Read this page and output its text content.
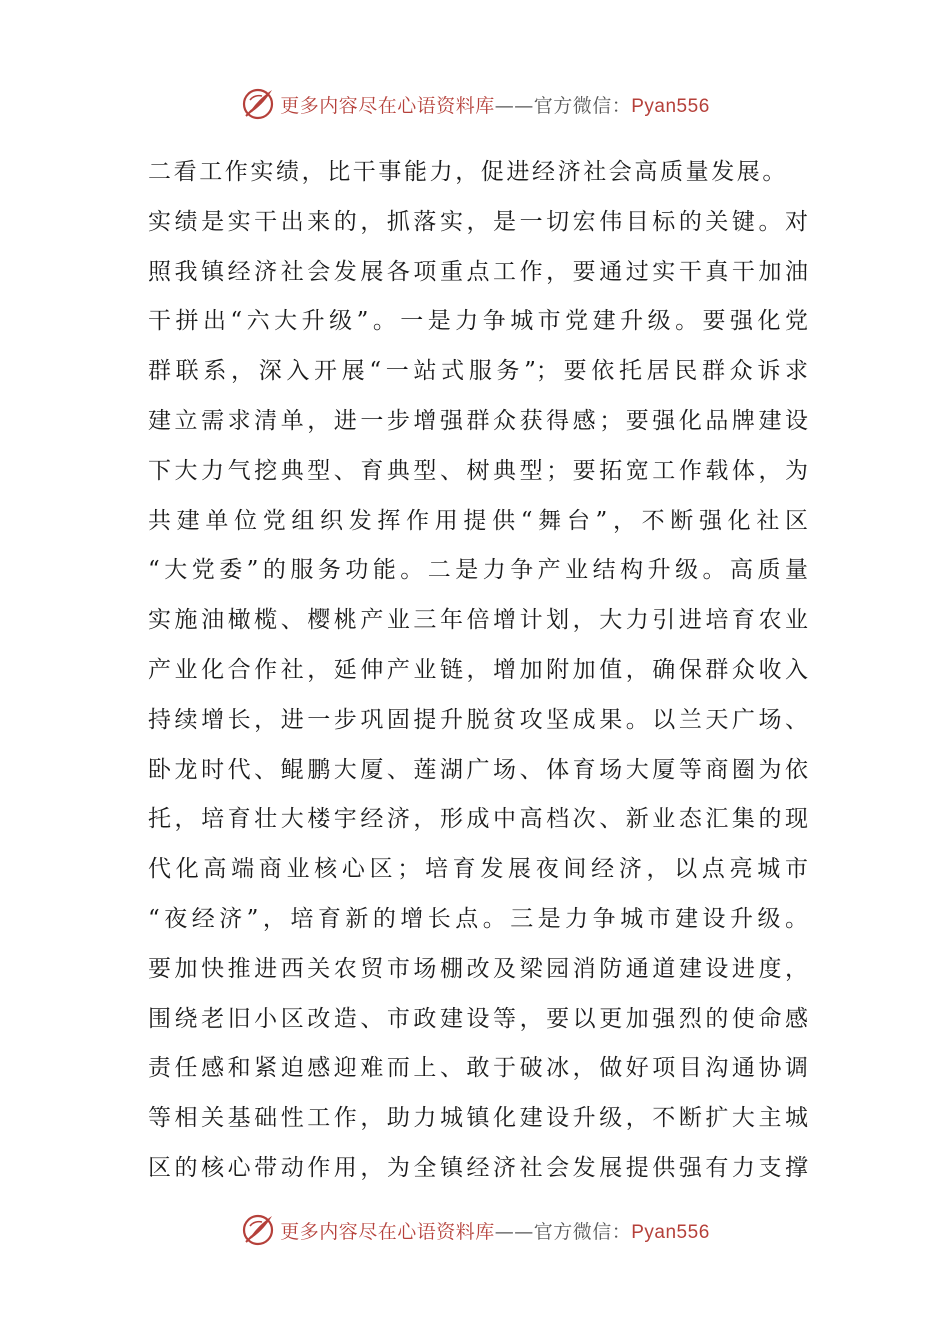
更多内容尽在心语资料库——官方微信：Pyan556
二看工作实绩，比干事能力，促进经济社会高质量发展。
实绩是实干出来的，抓落实，是一切宏伟目标的关键。对
照我镇经济社会发展各项重点工作，要通过实干真干加油
干拼出“六大升级”。一是力争城市党建升级。要强化党
群联系，深入开展“一站式服务”；要依托居民群众诉求
建立需求清单，进一步增强群众获得感；要强化品牌建设
下大力气挖典型、育典型、树典型；要拓宽工作载体，为
共建单位党组织发挥作用提供“舞台”，不断强化社区
“大党委”的服务功能。二是力争产业结构升级。高质量
实施油橄榄、樱桃产业三年倍增计划，大力引进培育农业
产业化合作社，延伸产业链，增加附加值，确保群众收入
持续增长，进一步巩固提升脱贫攻坚成果。以兰天广场、
卧龙时代、鲲鹏大厦、莲湖广场、体育场大厦等商圈为依
托，培育壮大楼宇经济，形成中高档次、新业态汇集的现
代化高端商业核心区；培育发展夜间经济，以点亮城市
“夜经济”，培育新的增长点。三是力争城市建设升级。
要加快推进西关农贸市场棚改及梁园消防通道建设进度，
围绕老旧小区改造、市政建设等，要以更加强烈的使命感
责任感和紧迫感迎难而上、敢于破冰，做好项目沟通协调
等相关基础性工作，助力城镇化建设升级，不断扩大主城
区的核心带动作用，为全镇经济社会发展提供强有力支撑
更多内容尽在心语资料库——官方微信：Pyan556
